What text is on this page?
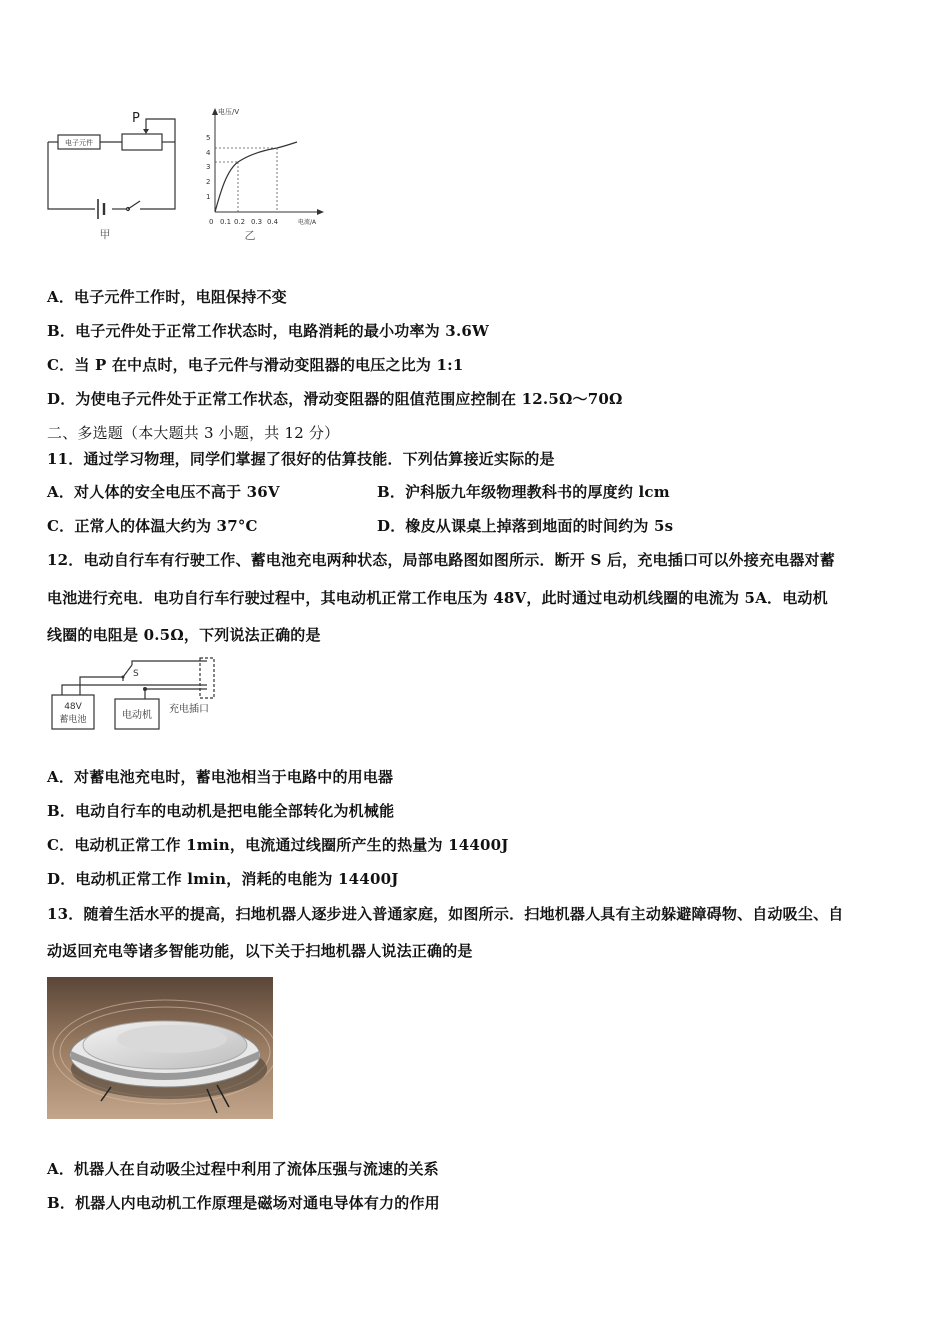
电子元件
P
甲
电压/V
电流/A
1
2
3
4
5
0 0.1 0.2 0.3 0.4
乙
A．电子元件工作时，电阻保持不变
B．电子元件处于正常工作状态时，电路消耗的最小功率为 3.6W
C．当 P 在中点时，电子元件与滑动变阻器的电压之比为 1:1
D．为使电子元件处于正常工作状态，滑动变阻器的阻值范围应控制在 12.5Ω～70Ω
二、多选题（本大题共 3 小题，共 12 分）
11．通过学习物理，同学们掌握了很好的估算技能．下列估算接近实际的是
A．对人体的安全电压不高于 36V	B．沪科版九年级物理教科书的厚度约 lcm
C．正常人的体温大约为 37°C	D．橡皮从课桌上掉落到地面的时间约为 5s
12．电动自行车有行驶工作、蓄电池充电两种状态，局部电路图如图所示．断开 S 后，充电插口可以外接充电器对蓄
电池进行充电．电功自行车行驶过程中，其电动机正常工作电压为 48V，此时通过电动机线圈的电流为 5A．电动机
线圈的电阻是 0.5Ω，下列说法正确的是
48V
蓄电池	电动机
充电插口
S
A．对蓄电池充电时，蓄电池相当于电路中的用电器
B．电动自行车的电动机是把电能全部转化为机械能
C．电动机正常工作 1min，电流通过线圈所产生的热量为 14400J
D．电动机正常工作 lmin，消耗的电能为 14400J
13．随着生活水平的提高，扫地机器人逐步进入普通家庭，如图所示．扫地机器人具有主动躲避障碍物、自动吸尘、自
动返回充电等诸多智能功能，以下关于扫地机器人说法正确的是
A．机器人在自动吸尘过程中利用了流体压强与流速的关系
B．机器人内电动机工作原理是磁场对通电导体有力的作用
